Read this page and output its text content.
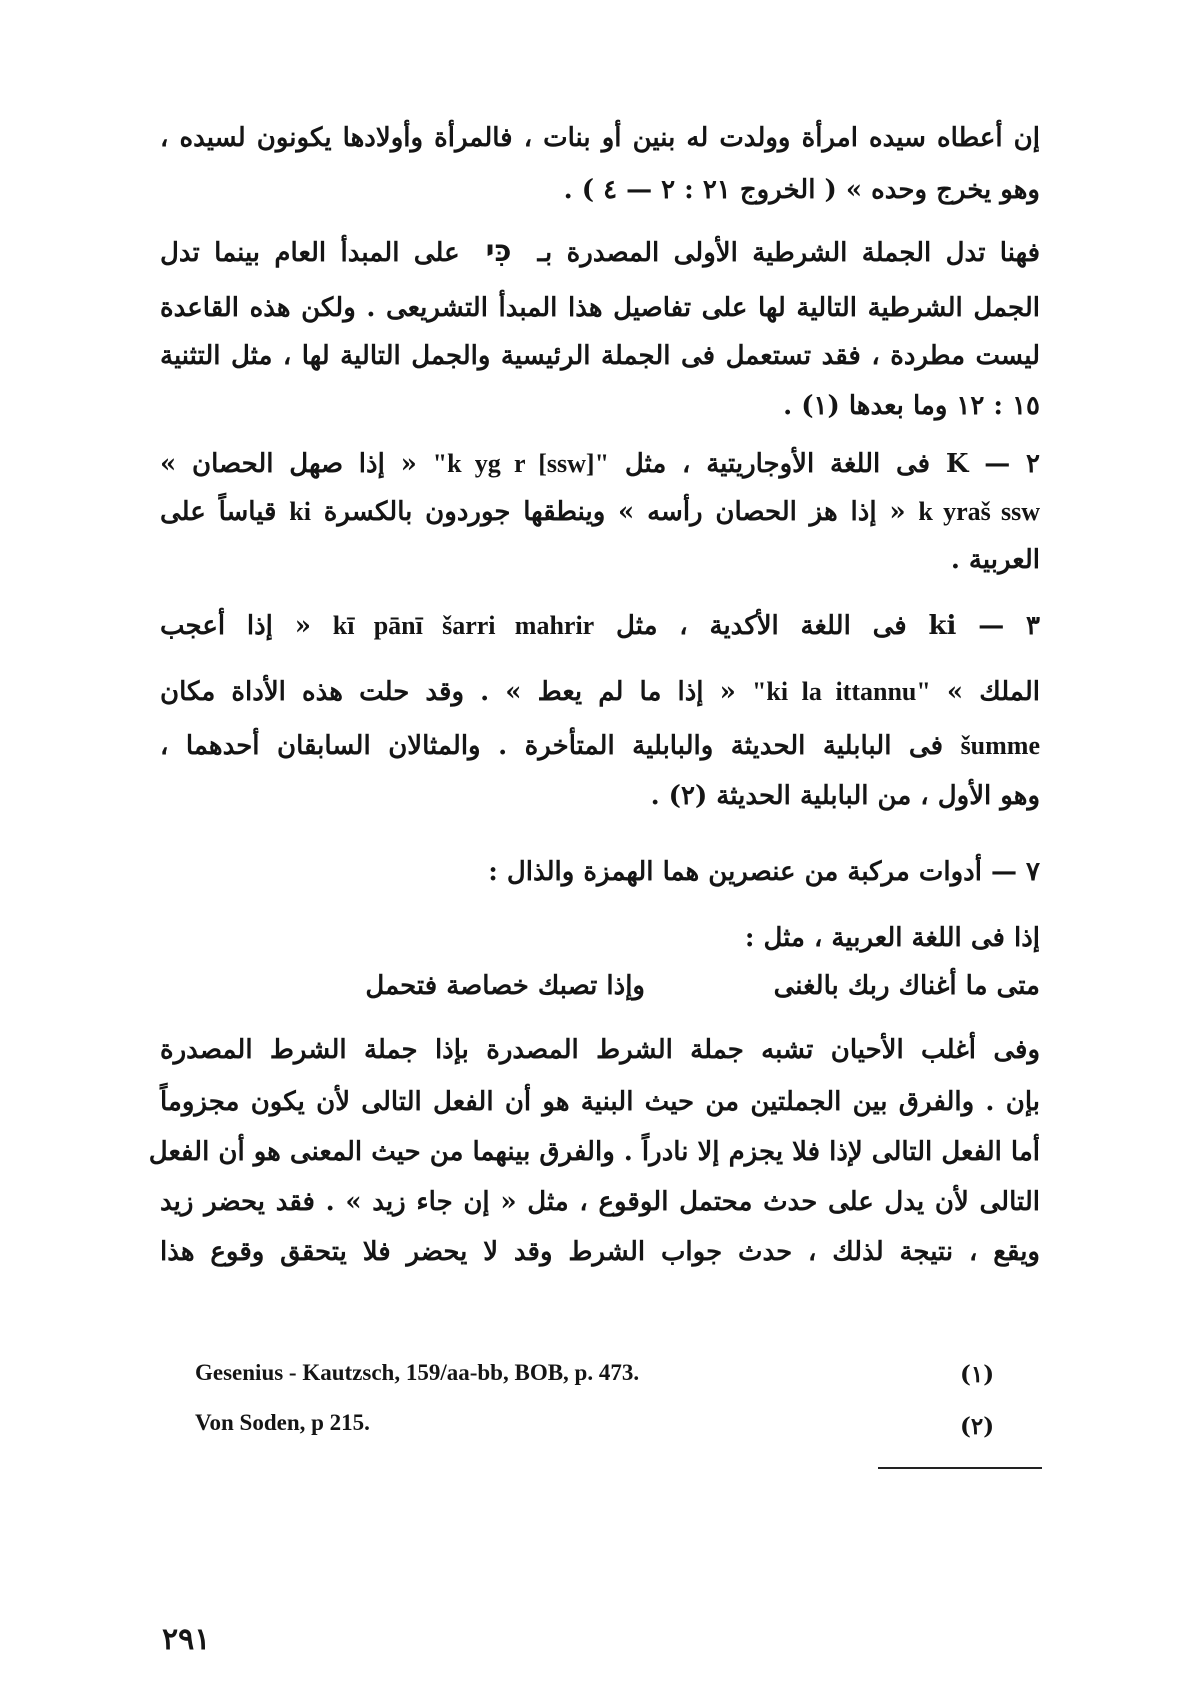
إن أعطاه سيده امرأة وولدت له بنين أو بنات ، فالمرأة وأولادها يكونون لسيده ،
وهو يخرج وحده » ( الخروج ٢١ : ٢ — ٤ ) .
فهنا تدل الجملة الشرطية الأولى المصدرة بـכִּיعلى المبدأ العام بينما تدل
الجمل الشرطية التالية لها على تفاصيل هذا المبدأ التشريعى . ولكن هذه القاعدة
ليست مطردة ، فقد تستعمل فى الجملة الرئيسية والجمل التالية لها ، مثل التثنية
١٥ : ١٢ وما بعدها (١) .
٢ — K فى اللغة الأوجاريتية ، مثل "k yg r [ssw]" « إذا صهل الحصان »
k yraš ssw « إذا هز الحصان رأسه » وينطقها جوردون بالكسرة ki قياساً على
العربية .
٣ — ki فى اللغة الأكدية ، مثل kī pānī šarri mahrir « إذا أعجب
الملك » "ki la ittannu" « إذا ما لم يعط » . وقد حلت هذه الأداة مكان
šumme فى البابلية الحديثة والبابلية المتأخرة . والمثالان السابقان أحدهما ،
وهو الأول ، من البابلية الحديثة (٢) .
٧ — أدوات مركبة من عنصرين هما الهمزة والذال :
إذا فى اللغة العربية ، مثل :
متى ما أغناك ربك بالغنى
وإذا تصبك خصاصة فتحمل
وفى أغلب الأحيان تشبه جملة الشرط المصدرة بإذا جملة الشرط المصدرة
بإن . والفرق بين الجملتين من حيث البنية هو أن الفعل التالى لأن يكون مجزوماً
أما الفعل التالى لإذا فلا يجزم إلا نادراً . والفرق بينهما من حيث المعنى هو أن الفعل
التالى لأن يدل على حدث محتمل الوقوع ، مثل « إن جاء زيد » . فقد يحضر زيد
ويقع ، نتيجة لذلك ، حدث جواب الشرط وقد لا يحضر فلا يتحقق وقوع هذا
Gesenius - Kautzsch, 159/aa-bb, BOB, p. 473.	(١)
Von Soden, p 215.	(٢)
٢٩١
